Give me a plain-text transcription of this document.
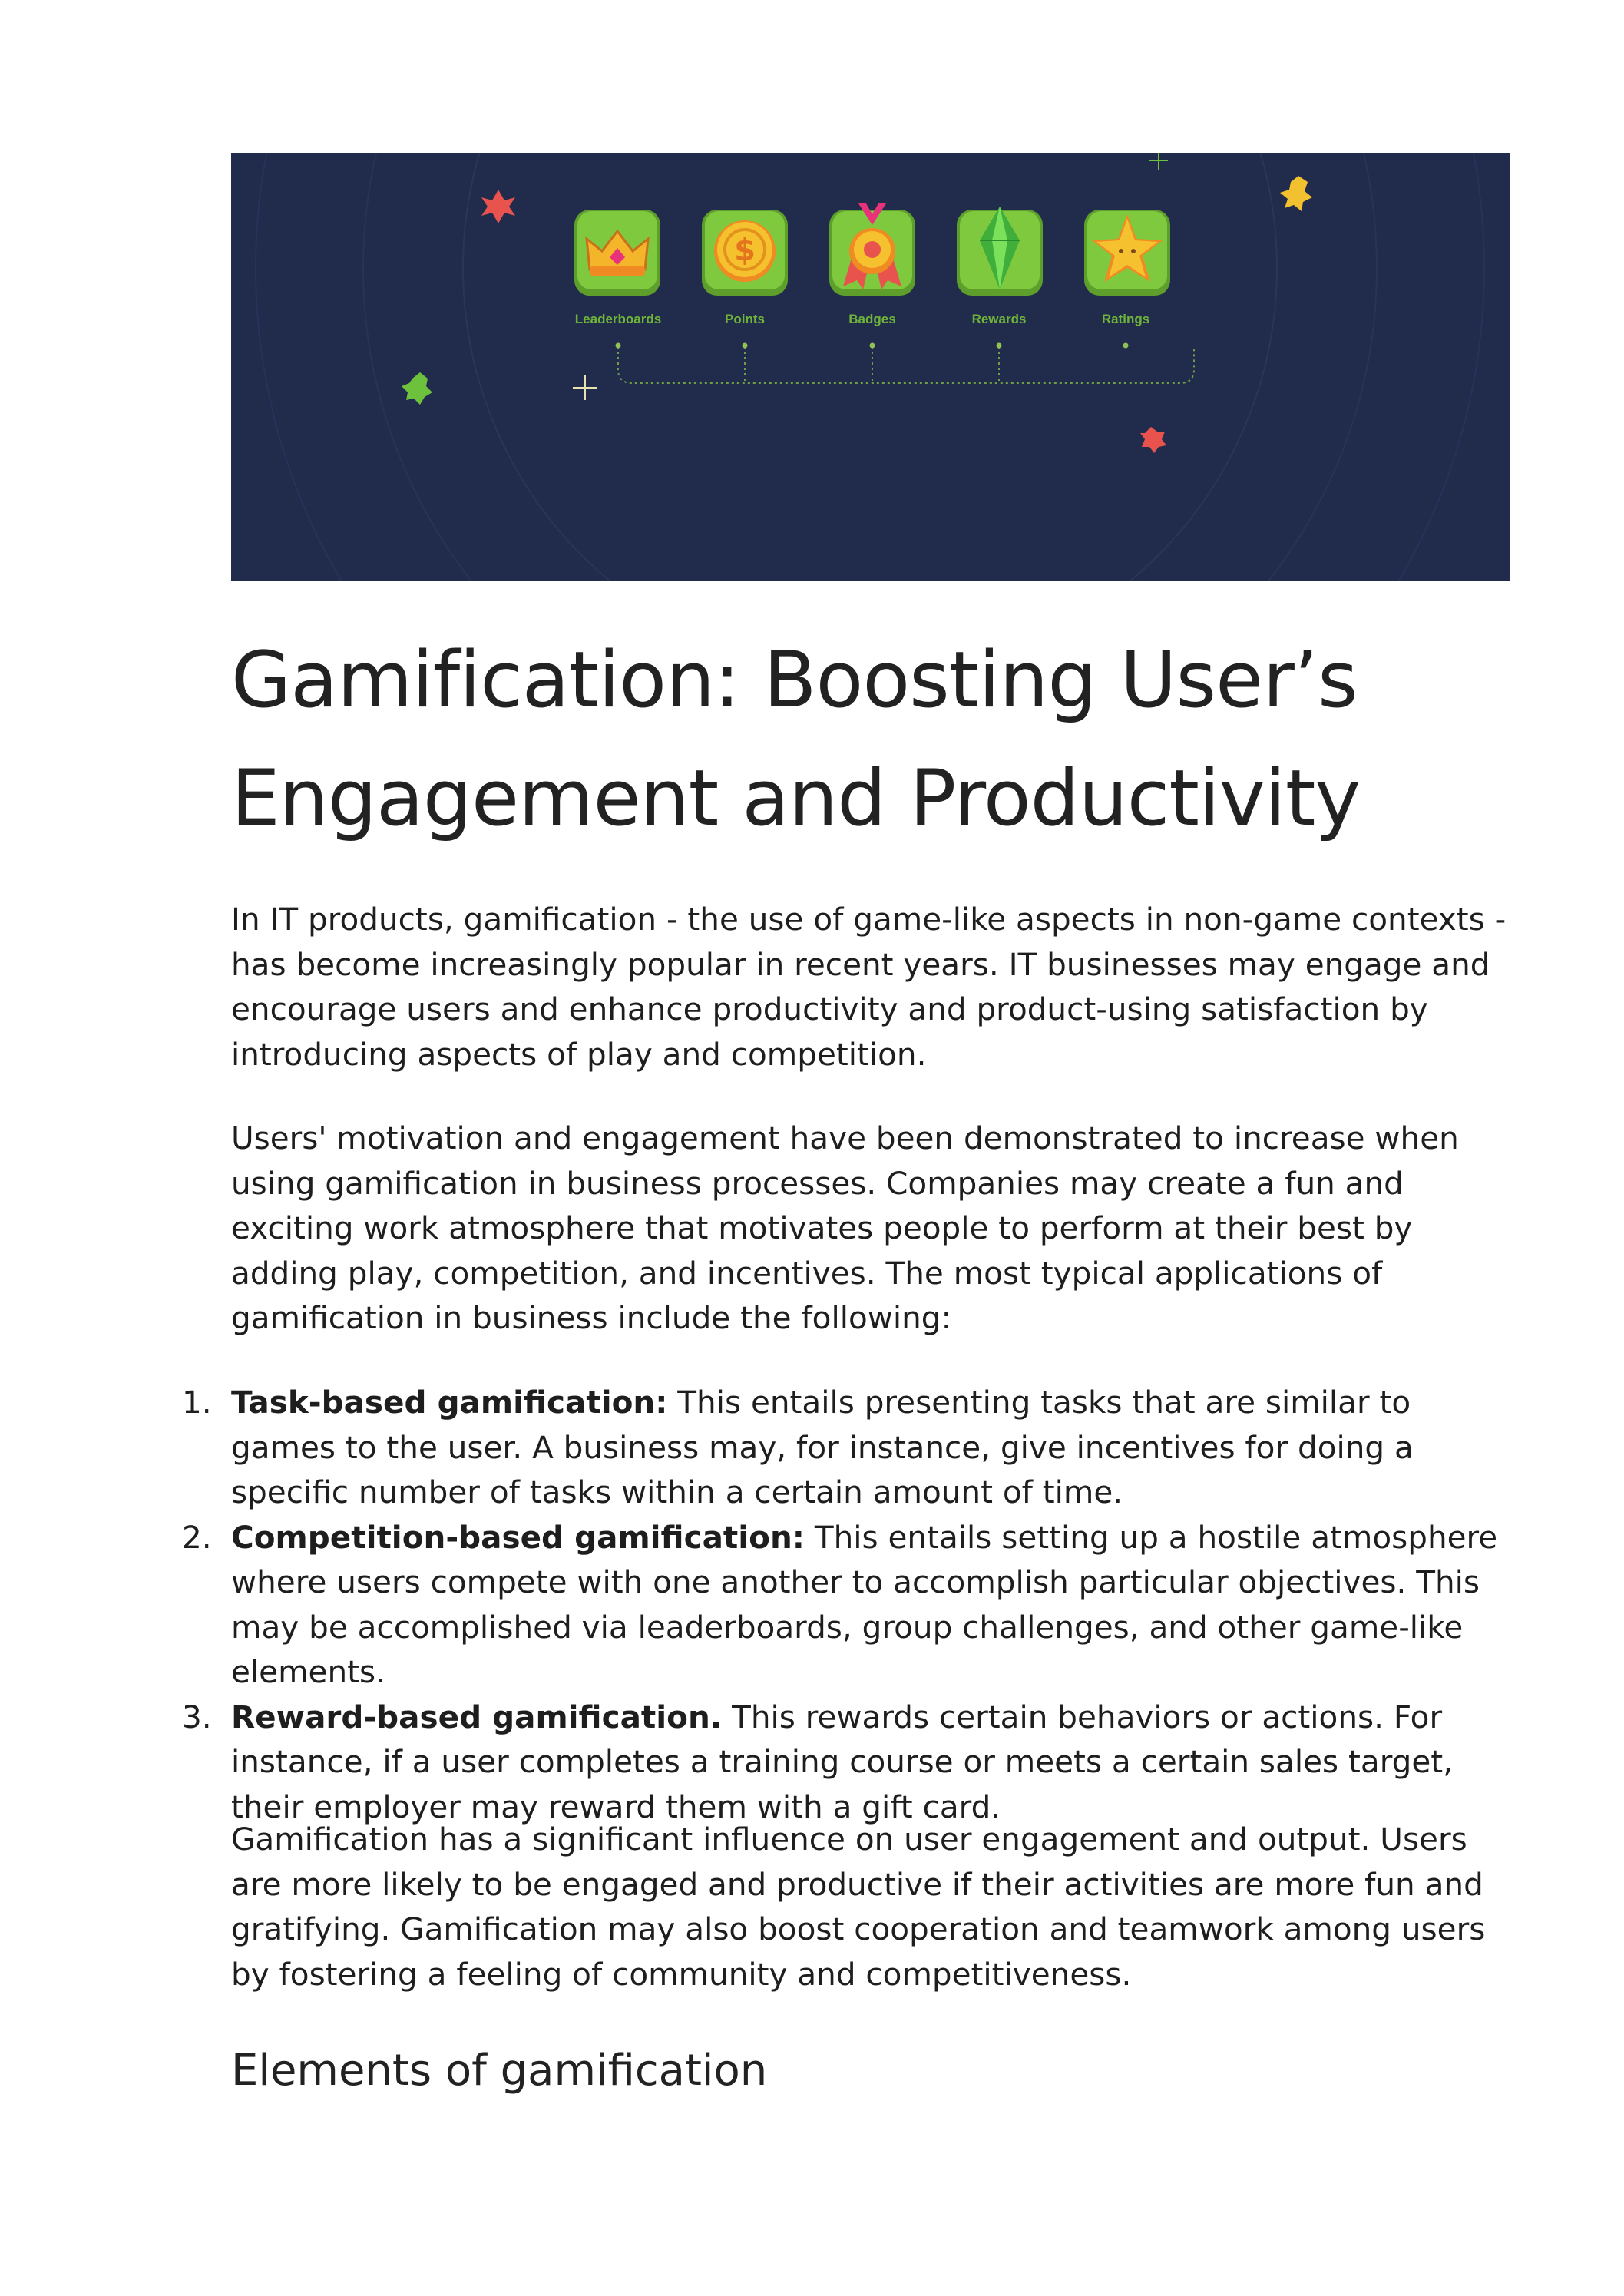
$
Leaderboards	Points	Badges	Rewards	Ratings
Gamification: Boosting User’s
Engagement and Productivity

In IT products, gamification - the use of game-like aspects in non-game contexts - has become increasingly popular in recent years. IT businesses may engage and encourage users and enhance productivity and product-using satisfaction by introducing aspects of play and competition.

Users' motivation and engagement have been demonstrated to increase when using gamification in business processes. Companies may create a fun and exciting work atmosphere that motivates people to perform at their best by adding play, competition, and incentives. The most typical applications of gamification in business include the following:

1. Task-based gamification: This entails presenting tasks that are similar to games to the user. A business may, for instance, give incentives for doing a specific number of tasks within a certain amount of time.
2. Competition-based gamification: This entails setting up a hostile atmosphere where users compete with one another to accomplish particular objectives. This may be accomplished via leaderboards, group challenges, and other game-like elements.
3. Reward-based gamification. This rewards certain behaviors or actions. For instance, if a user completes a training course or meets a certain sales target, their employer may reward them with a gift card.

Gamification has a significant influence on user engagement and output. Users are more likely to be engaged and productive if their activities are more fun and gratifying. Gamification may also boost cooperation and teamwork among users by fostering a feeling of community and competitiveness.

Elements of gamification
